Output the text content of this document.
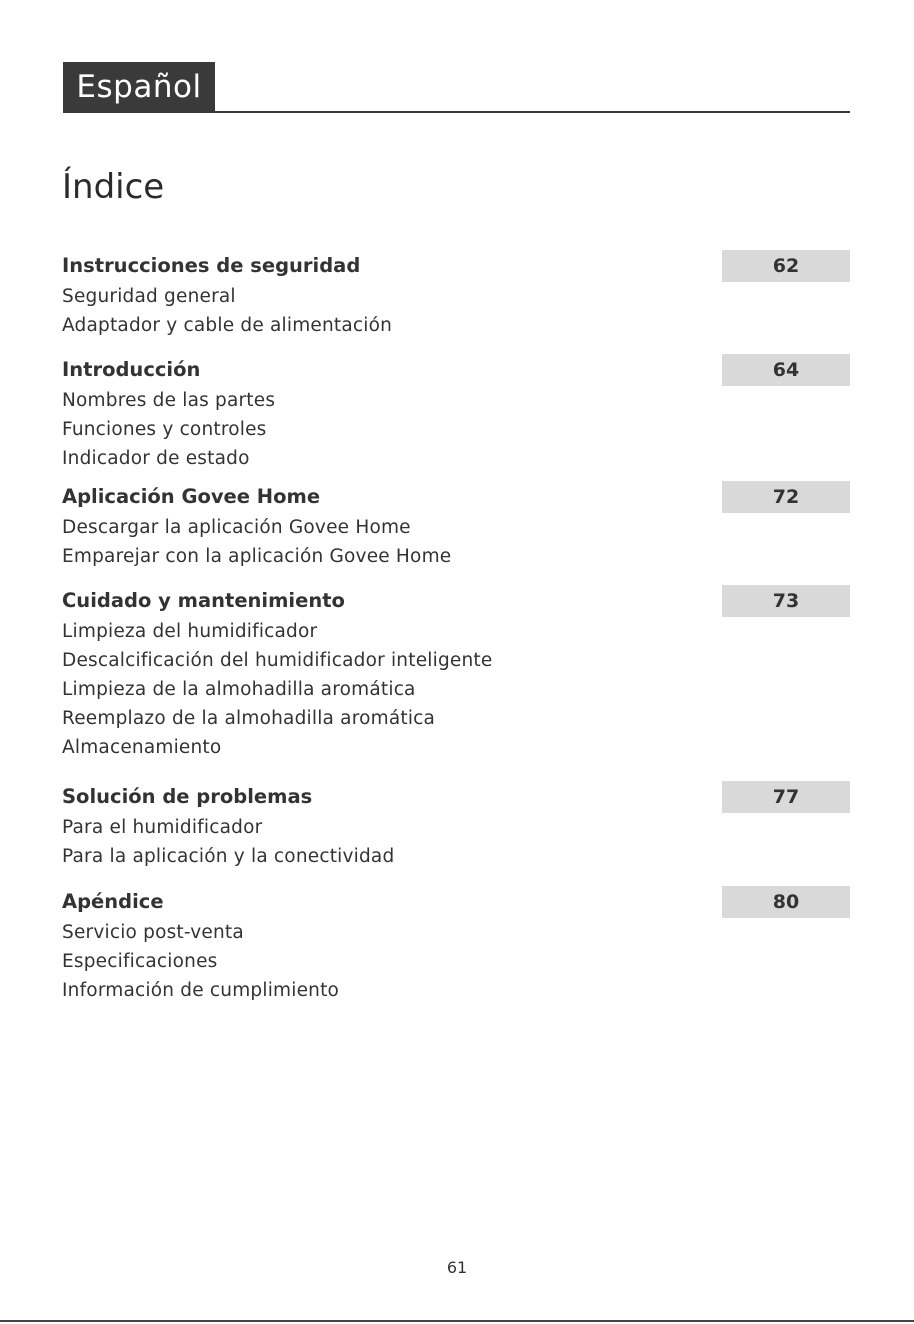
Español
Índice
Instrucciones de seguridad	62
Seguridad general
Adaptador y cable de alimentación
Introducción	64
Nombres de las partes
Funciones y controles
Indicador de estado
Aplicación Govee Home	72
Descargar la aplicación Govee Home
Emparejar con la aplicación Govee Home
Cuidado y mantenimiento	73
Limpieza del humidificador
Descalcificación del humidificador inteligente
Limpieza de la almohadilla aromática
Reemplazo de la almohadilla aromática
Almacenamiento
Solución de problemas	77
Para el humidificador
Para la aplicación y la conectividad
Apéndice	80
Servicio post-venta
Especificaciones
Información de cumplimiento
61
